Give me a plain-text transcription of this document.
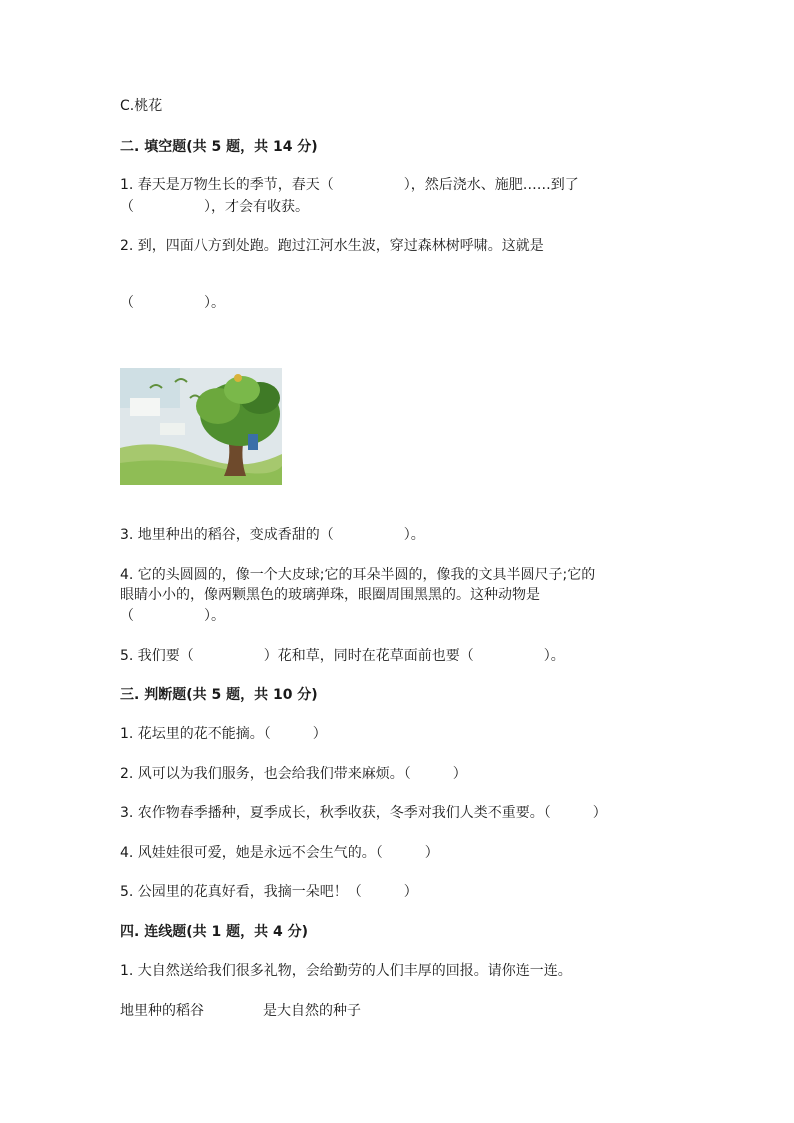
C.桃花
二. 填空题(共 5 题，共 14 分)
1. 春天是万物生长的季节，春天（　　　　　），然后浇水、施肥……到了
（　　　　　），才会有收获。
2. 到，四面八方到处跑。跑过江河水生波，穿过森林树呼啸。这就是
（　　　　　）。
3. 地里种出的稻谷，变成香甜的（　　　　　）。
4. 它的头圆圆的，像一个大皮球;它的耳朵半圆的，像我的文具半圆尺子;它的
眼睛小小的，像两颗黑色的玻璃弹珠，眼圈周围黑黑的。这种动物是
（　　　　　）。
5. 我们要（　　　　　）花和草，同时在花草面前也要（　　　　　）。
三. 判断题(共 5 题，共 10 分)
1. 花坛里的花不能摘。（　　　）
2. 风可以为我们服务，也会给我们带来麻烦。（　　　）
3. 农作物春季播种，夏季成长，秋季收获，冬季对我们人类不重要。（　　　）
4. 风娃娃很可爱，她是永远不会生气的。（　　　）
5. 公园里的花真好看，我摘一朵吧！（　　　）
四. 连线题(共 1 题，共 4 分)
1. 大自然送给我们很多礼物，会给勤劳的人们丰厚的回报。请你连一连。
地里种的稻谷	是大自然的种子
